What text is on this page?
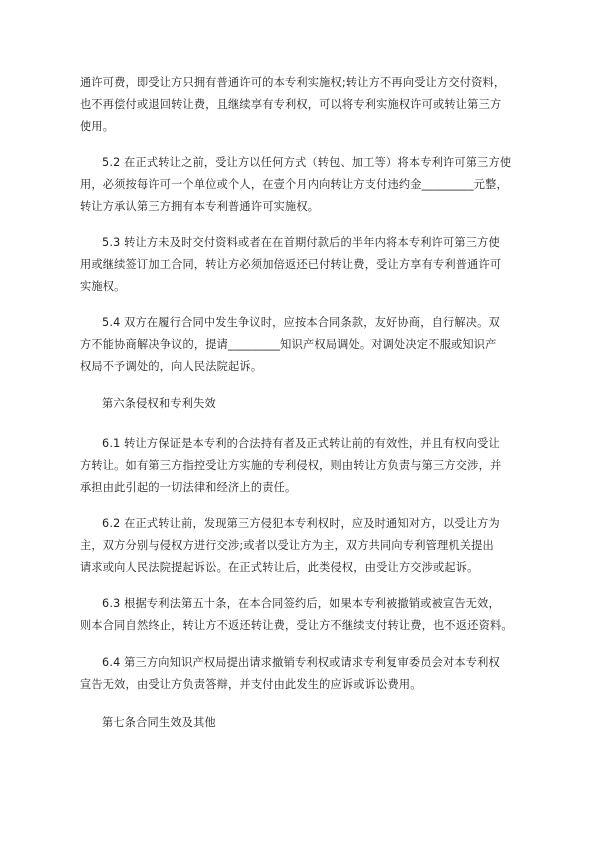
通许可费，即受让方只拥有普通许可的本专利实施权;转让方不再向受让方交付资料，
也不再偿付或退回转让费，且继续享有专利权，可以将专利实施权许可或转让第三方
使用。
5.2 在正式转让之前，受让方以任何方式（转包、加工等）将本专利许可第三方使
用，必须按每许可一个单位或个人，在壹个月内向转让方支付违约金_________元整，
转让方承认第三方拥有本专利普通许可实施权。
5.3 转让方未及时交付资料或者在在首期付款后的半年内将本专利许可第三方使
用或继续签订加工合同，转让方必须加倍返还已付转让费，受让方享有专利普通许可
实施权。
5.4 双方在履行合同中发生争议时，应按本合同条款，友好协商，自行解决。双
方不能协商解决争议的，提请_________知识产权局调处。对调处决定不服或知识产
权局不予调处的，向人民法院起诉。
第六条侵权和专利失效
6.1 转让方保证是本专利的合法持有者及正式转让前的有效性，并且有权向受让
方转让。如有第三方指控受让方实施的专利侵权，则由转让方负责与第三方交涉，并
承担由此引起的一切法律和经济上的责任。
6.2 在正式转让前，发现第三方侵犯本专利权时，应及时通知对方，以受让方为
主，双方分别与侵权方进行交涉;或者以受让方为主，双方共同向专利管理机关提出
请求或向人民法院提起诉讼。在正式转让后，此类侵权，由受让方交涉或起诉。
6.3 根据专利法第五十条，在本合同签约后，如果本专利被撤销或被宣告无效，
则本合同自然终止，转让方不返还转让费，受让方不继续支付转让费，也不返还资料。
6.4 第三方向知识产权局提出请求撤销专利权或请求专利复审委员会对本专利权
宣告无效，由受让方负责答辩，并支付由此发生的应诉或诉讼费用。
第七条合同生效及其他
